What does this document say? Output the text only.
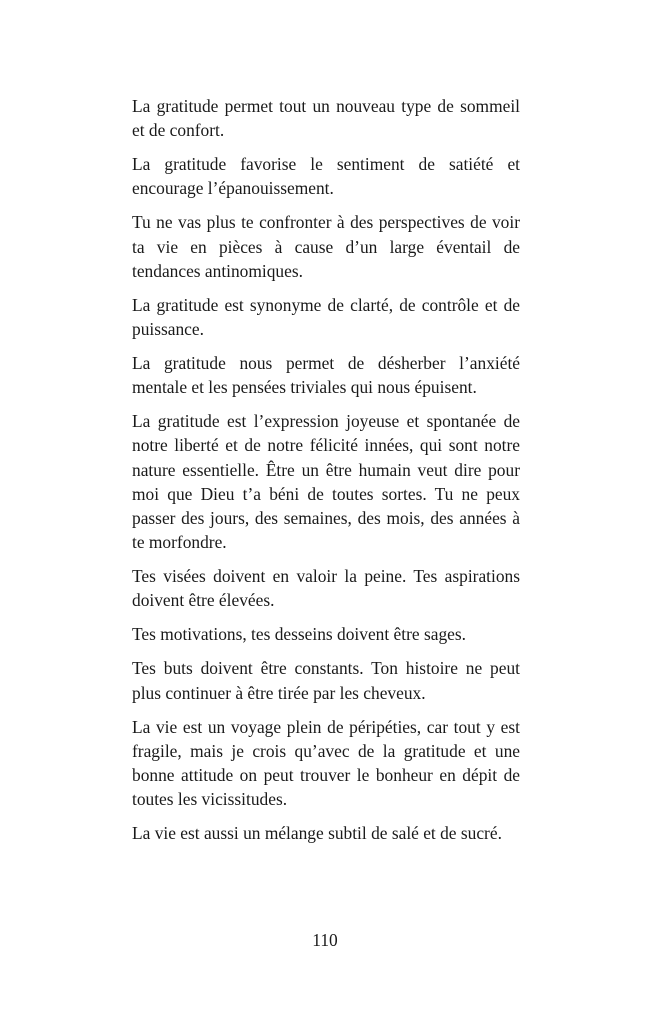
La gratitude permet tout un nouveau type de sommeil et de confort.

La gratitude favorise le sentiment de satiété et encourage l’épanouissement.

Tu ne vas plus te confronter à des perspectives de voir ta vie en pièces à cause d’un large éventail de tendances antinomiques.

La gratitude est synonyme de clarté, de contrôle et de puissance.

La gratitude nous permet de désherber l’anxiété mentale et les pensées triviales qui nous épuisent.

La gratitude est l’expression joyeuse et spontanée de notre liberté et de notre félicité innées, qui sont notre nature essentielle. Être un être humain veut dire pour moi que Dieu t’a béni de toutes sortes. Tu ne peux passer des jours, des semaines, des mois, des années à te morfondre.

Tes visées doivent en valoir la peine. Tes aspirations doivent être élevées.

Tes motivations, tes desseins doivent être sages.

Tes buts doivent être constants. Ton histoire ne peut plus continuer à être tirée par les cheveux.

La vie est un voyage plein de péripéties, car tout y est fragile, mais je crois qu’avec de la gratitude et une bonne attitude on peut trouver le bonheur en dépit de toutes les vicissitudes.

La vie est aussi un mélange subtil de salé et de sucré.

110
